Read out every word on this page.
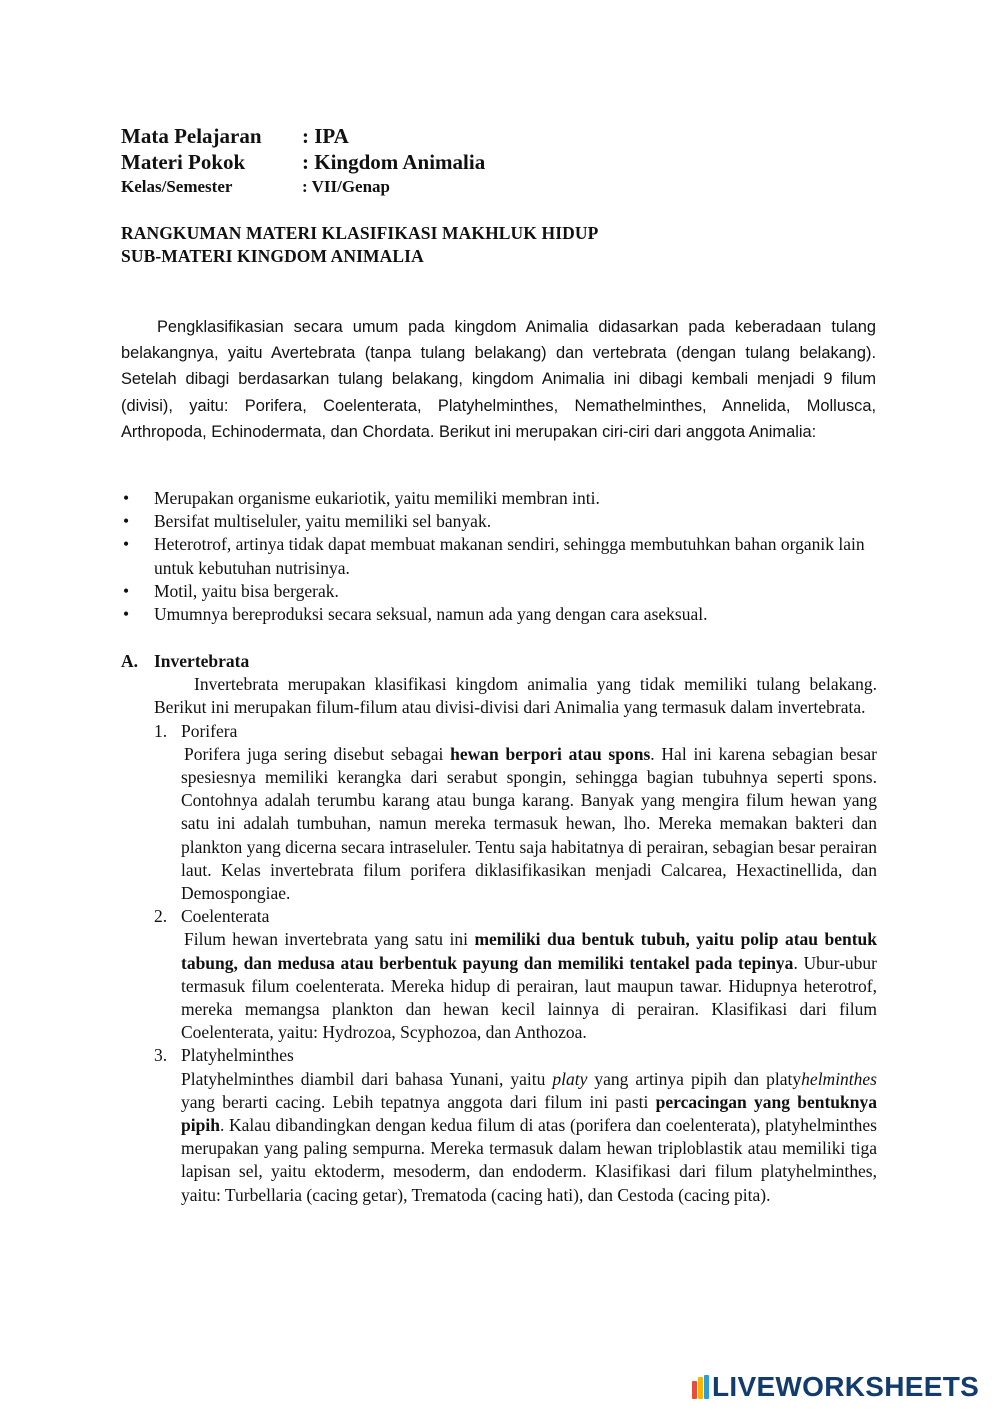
Mata Pelajaran : IPA
Materi Pokok	: Kingdom Animalia
Kelas/Semester	: VII/Genap
RANGKUMAN MATERI KLASIFIKASI MAKHLUK HIDUP
SUB-MATERI KINGDOM ANIMALIA

Pengklasifikasian secara umum pada kingdom Animalia didasarkan pada keberadaan tulang belakangnya, yaitu Avertebrata (tanpa tulang belakang) dan vertebrata (dengan tulang belakang). Setelah dibagi berdasarkan tulang belakang, kingdom Animalia ini dibagi kembali menjadi 9 filum (divisi), yaitu: Porifera, Coelenterata, Platyhelminthes, Nemathelminthes, Annelida, Mollusca, Arthropoda, Echinodermata, dan Chordata. Berikut ini merupakan ciri-ciri dari anggota Animalia:

• Merupakan organisme eukariotik, yaitu memiliki membran inti.
• Bersifat multiseluler, yaitu memiliki sel banyak.
• Heterotrof, artinya tidak dapat membuat makanan sendiri, sehingga membutuhkan bahan organik lain untuk kebutuhan nutrisinya.
• Motil, yaitu bisa bergerak.
• Umumnya bereproduksi secara seksual, namun ada yang dengan cara aseksual.
A. Invertebrata
Invertebrata merupakan klasifikasi kingdom animalia yang tidak memiliki tulang belakang. Berikut ini merupakan filum-filum atau divisi-divisi dari Animalia yang termasuk dalam invertebrata.
1. Porifera
Porifera juga sering disebut sebagai hewan berpori atau spons. Hal ini karena sebagian besar spesiesnya memiliki kerangka dari serabut spongin, sehingga bagian tubuhnya seperti spons. Contohnya adalah terumbu karang atau bunga karang. Banyak yang mengira filum hewan yang satu ini adalah tumbuhan, namun mereka termasuk hewan, lho. Mereka memakan bakteri dan plankton yang dicerna secara intraseluler. Tentu saja habitatnya di perairan, sebagian besar perairan laut. Kelas invertebrata filum porifera diklasifikasikan menjadi Calcarea, Hexactinellida, dan Demospongiae.
2. Coelenterata
Filum hewan invertebrata yang satu ini memiliki dua bentuk tubuh, yaitu polip atau bentuk tabung, dan medusa atau berbentuk payung dan memiliki tentakel pada tepinya. Ubur-ubur termasuk filum coelenterata. Mereka hidup di perairan, laut maupun tawar. Hidupnya heterotrof, mereka memangsa plankton dan hewan kecil lainnya di perairan. Klasifikasi dari filum Coelenterata, yaitu: Hydrozoa, Scyphozoa, dan Anthozoa.
3. Platyhelminthes
Platyhelminthes diambil dari bahasa Yunani, yaitu platy yang artinya pipih dan platyhelminthes yang berarti cacing. Lebih tepatnya anggota dari filum ini pasti percacingan yang bentuknya pipih. Kalau dibandingkan dengan kedua filum di atas (porifera dan coelenterata), platyhelminthes merupakan yang paling sempurna. Mereka termasuk dalam hewan triploblastik atau memiliki tiga lapisan sel, yaitu ektoderm, mesoderm, dan endoderm. Klasifikasi dari filum platyhelminthes, yaitu: Turbellaria (cacing getar), Trematoda (cacing hati), dan Cestoda (cacing pita).
LIVEWORKSHEETS
